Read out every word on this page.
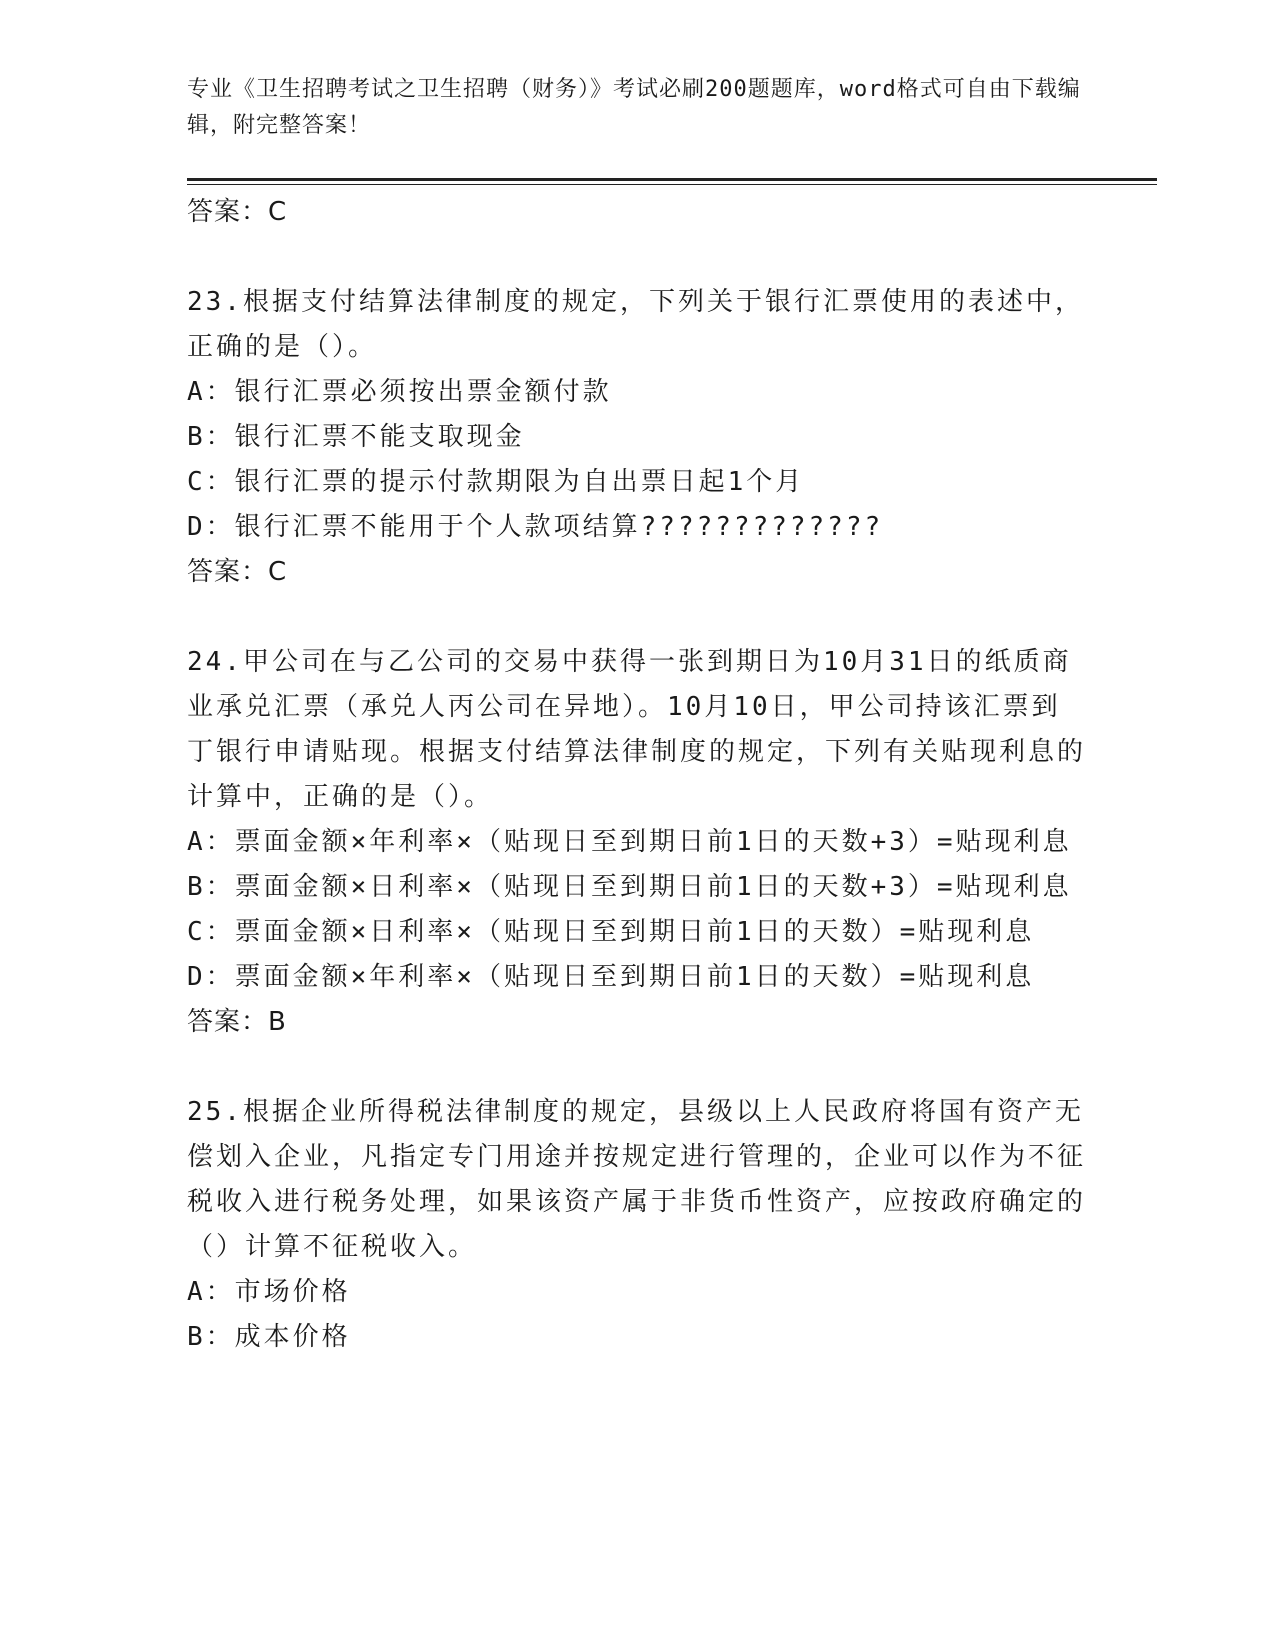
专业《卫生招聘考试之卫生招聘（财务）》考试必刷200题题库，word格式可自由下载编辑，附完整答案！

答案：C

23.根据支付结算法律制度的规定，下列关于银行汇票使用的表述中，正确的是（）。

A：银行汇票必须按出票金额付款

B：银行汇票不能支取现金

C：银行汇票的提示付款期限为自出票日起1个月

D：银行汇票不能用于个人款项结算?????????????

答案：C

24.甲公司在与乙公司的交易中获得一张到期日为10月31日的纸质商业承兑汇票（承兑人丙公司在异地）。10月10日，甲公司持该汇票到丁银行申请贴现。根据支付结算法律制度的规定，下列有关贴现利息的计算中，正确的是（）。

A：票面金额×年利率×（贴现日至到期日前1日的天数+3）=贴现利息

B：票面金额×日利率×（贴现日至到期日前1日的天数+3）=贴现利息

C：票面金额×日利率×（贴现日至到期日前1日的天数）=贴现利息

D：票面金额×年利率×（贴现日至到期日前1日的天数）=贴现利息

答案：B

25.根据企业所得税法律制度的规定，县级以上人民政府将国有资产无偿划入企业，凡指定专门用途并按规定进行管理的，企业可以作为不征税收入进行税务处理，如果该资产属于非货币性资产，应按政府确定的（）计算不征税收入。

A：市场价格

B：成本价格
